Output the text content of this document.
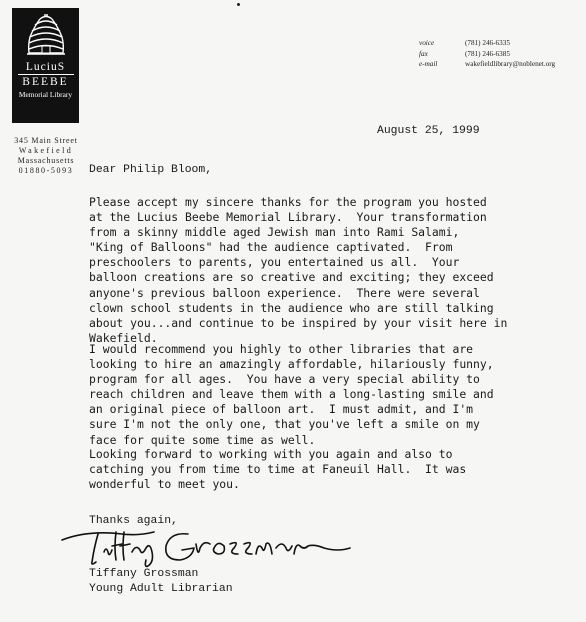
LuciuS
BEEBE
Memorial Library
345 Main Street
Wakefield
Massachusetts
01880-5093
voice	(781) 246-6335
fax	(781) 246-6385
e-mail	wakefieldlibrary@noblenet.org
August 25, 1999
Dear Philip Bloom,
Please accept my sincere thanks for the program you hosted
at the Lucius Beebe Memorial Library.  Your transformation
from a skinny middle aged Jewish man into Rami Salami,
"King of Balloons" had the audience captivated.  From
preschoolers to parents, you entertained us all.  Your
balloon creations are so creative and exciting; they exceed
anyone's previous balloon experience.  There were several
clown school students in the audience who are still talking
about you...and continue to be inspired by your visit here in
Wakefield.
I would recommend you highly to other libraries that are
looking to hire an amazingly affordable, hilariously funny,
program for all ages.  You have a very special ability to
reach children and leave them with a long-lasting smile and
an original piece of balloon art.  I must admit, and I'm
sure I'm not the only one, that you've left a smile on my
face for quite some time as well.
Looking forward to working with you again and also to
catching you from time to time at Faneuil Hall.  It was
wonderful to meet you.
Thanks again,
Tiffany Grossman
Young Adult Librarian
